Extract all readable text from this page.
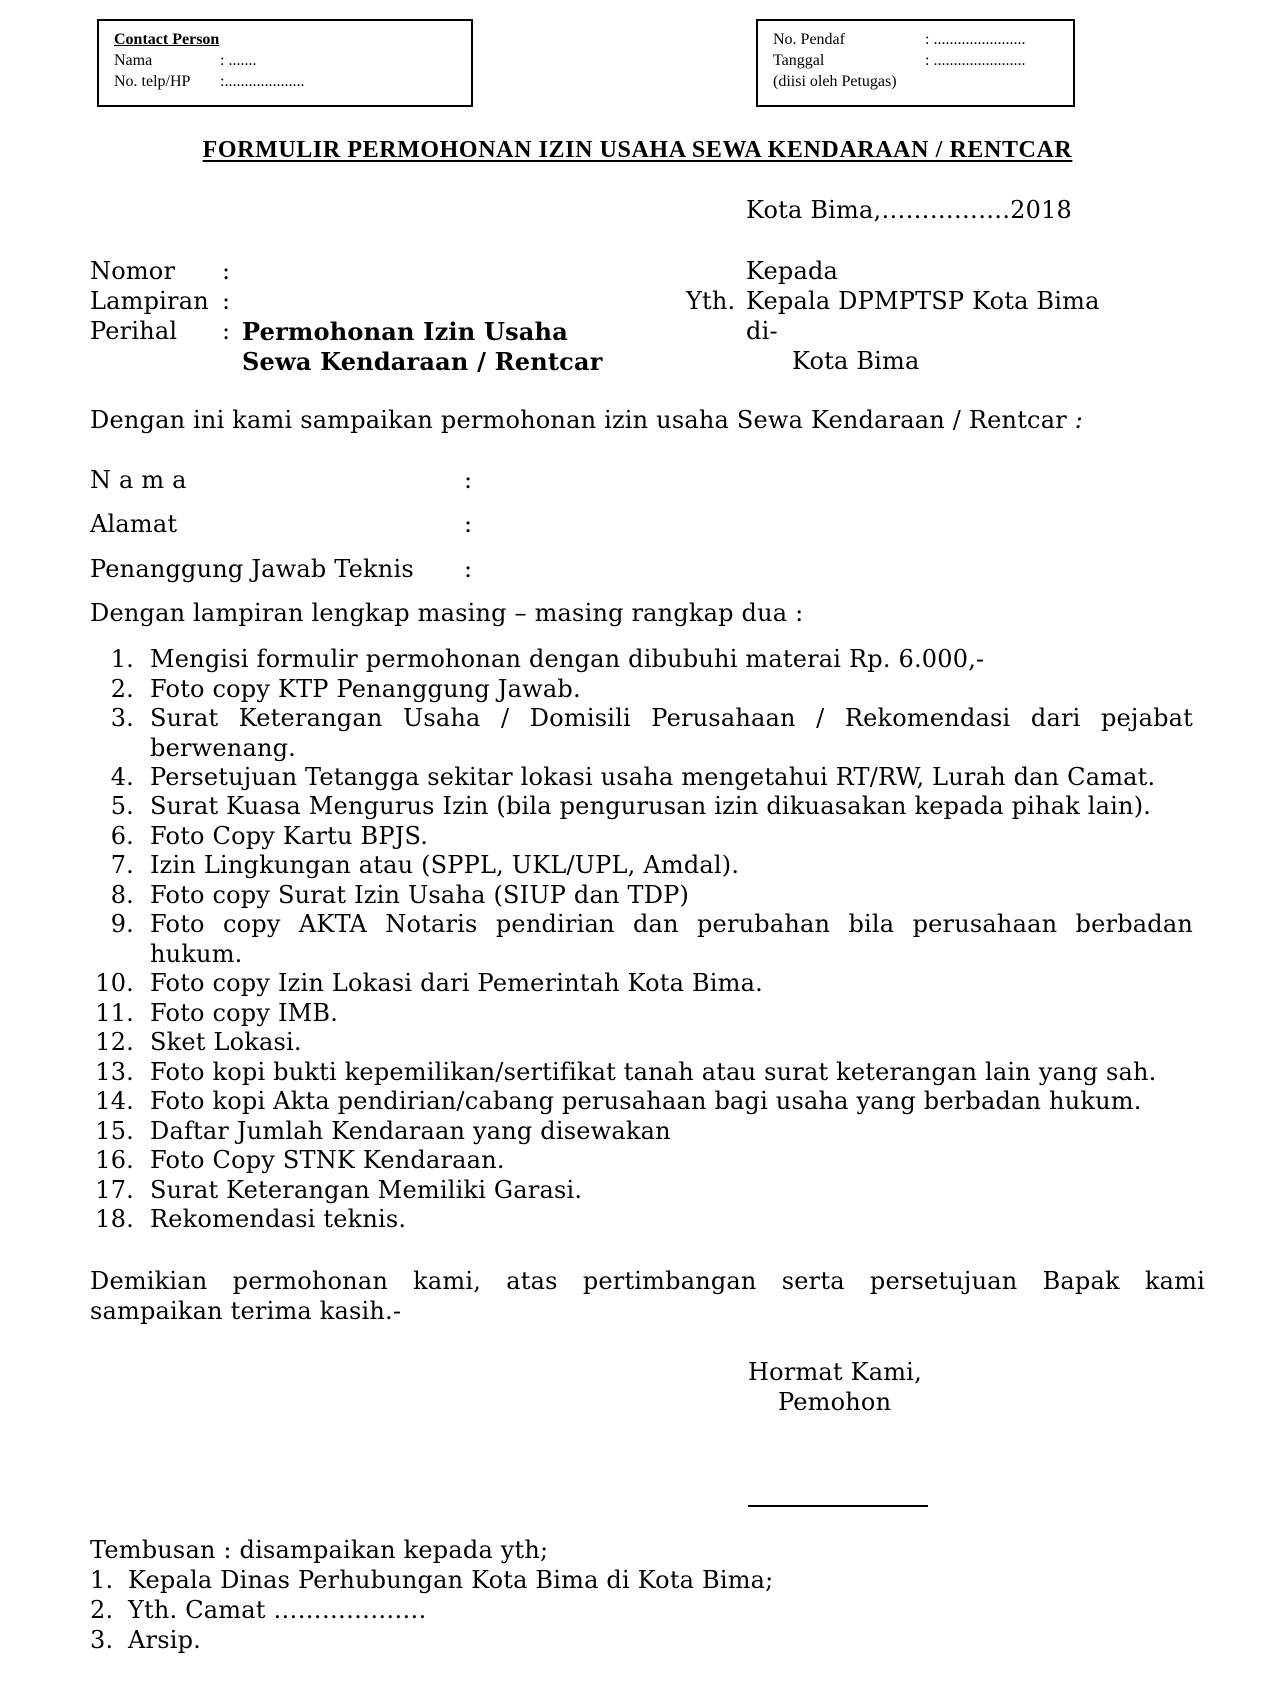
Contact Person
Nama	: .......
No. telp/HP	:....................
No. Pendaf	: .......................
Tanggal	: .......................
(diisi oleh Petugas)
FORMULIR PERMOHONAN IZIN USAHA SEWA KENDARAAN / RENTCAR
Kota Bima,…………….2018
Nomor :
Lampiran :
Perihal : Permohonan Izin Usaha
Sewa Kendaraan / Rentcar
Kepada
Yth. Kepala DPMPTSP Kota Bima
di-
Kota Bima
Dengan ini kami sampaikan permohonan izin usaha Sewa Kendaraan / Rentcar :
N a m a	:
Alamat	:
Penanggung Jawab Teknis :
Dengan lampiran lengkap masing – masing rangkap dua :
1. Mengisi formulir permohonan dengan dibubuhi materai Rp. 6.000,-
2. Foto copy KTP Penanggung Jawab.
3. Surat Keterangan Usaha / Domisili Perusahaan / Rekomendasi dari pejabat
berwenang.
4. Persetujuan Tetangga sekitar lokasi usaha mengetahui RT/RW, Lurah dan Camat.
5. Surat Kuasa Mengurus Izin (bila pengurusan izin dikuasakan kepada pihak lain).
6. Foto Copy Kartu BPJS.
7. Izin Lingkungan atau (SPPL, UKL/UPL, Amdal).
8. Foto copy Surat Izin Usaha (SIUP dan TDP)
9. Foto copy AKTA Notaris pendirian dan perubahan bila perusahaan berbadan
hukum.
10. Foto copy Izin Lokasi dari Pemerintah Kota Bima.
11. Foto copy IMB.
12. Sket Lokasi.
13. Foto kopi bukti kepemilikan/sertifikat tanah atau surat keterangan lain yang sah.
14. Foto kopi Akta pendirian/cabang perusahaan bagi usaha yang berbadan hukum.
15. Daftar Jumlah Kendaraan yang disewakan
16. Foto Copy STNK Kendaraan.
17. Surat Keterangan Memiliki Garasi.
18. Rekomendasi teknis.
Demikian permohonan kami, atas pertimbangan serta persetujuan Bapak kami
sampaikan terima kasih.-
Hormat Kami,
Pemohon
Tembusan : disampaikan kepada yth;
1. Kepala Dinas Perhubungan Kota Bima di Kota Bima;
2. Yth. Camat ……………….
3. Arsip.
